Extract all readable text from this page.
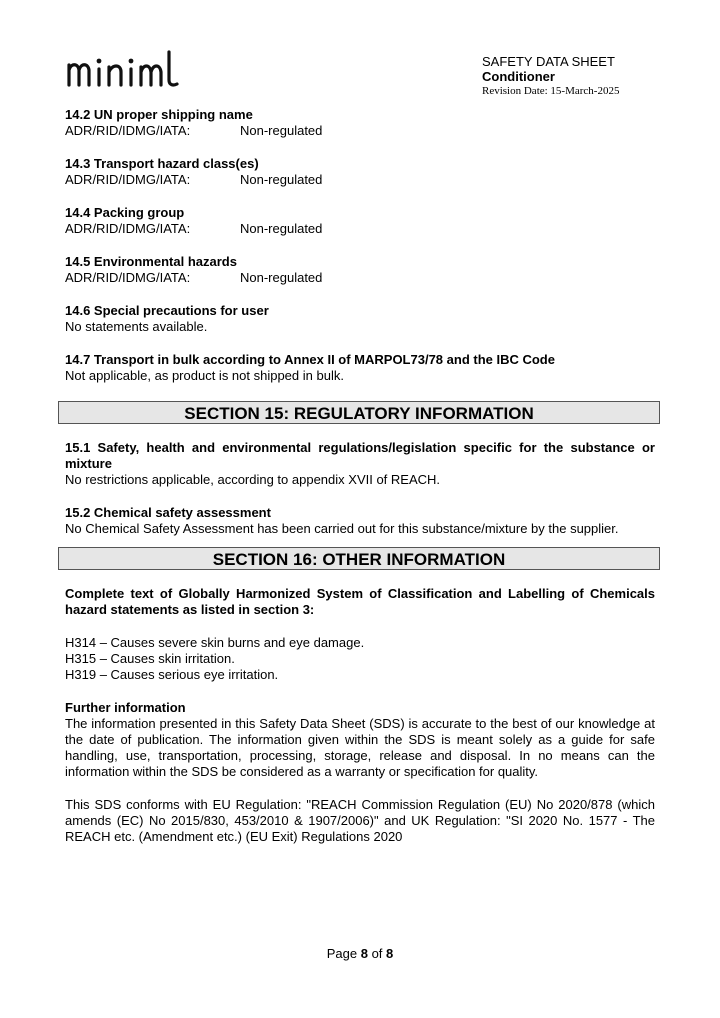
SAFETY DATA SHEET
Conditioner
Revision Date: 15-March-2025
14.2 UN proper shipping name
ADR/RID/IDMG/IATA:	Non-regulated
14.3 Transport hazard class(es)
ADR/RID/IDMG/IATA:	Non-regulated
14.4 Packing group
ADR/RID/IDMG/IATA:	Non-regulated
14.5 Environmental hazards
ADR/RID/IDMG/IATA:	Non-regulated
14.6 Special precautions for user
No statements available.
14.7 Transport in bulk according to Annex II of MARPOL73/78 and the IBC Code
Not applicable, as product is not shipped in bulk.
SECTION 15: REGULATORY INFORMATION
15.1 Safety, health and environmental regulations/legislation specific for the substance or mixture
No restrictions applicable, according to appendix XVII of REACH.
15.2 Chemical safety assessment
No Chemical Safety Assessment has been carried out for this substance/mixture by the supplier.
SECTION 16: OTHER INFORMATION
Complete text of Globally Harmonized System of Classification and Labelling of Chemicals hazard statements as listed in section 3:
H314 – Causes severe skin burns and eye damage.
H315 – Causes skin irritation.
H319 – Causes serious eye irritation.
Further information
The information presented in this Safety Data Sheet (SDS) is accurate to the best of our knowledge at the date of publication. The information given within the SDS is meant solely as a guide for safe handling, use, transportation, processing, storage, release and disposal. In no means can the information within the SDS be considered as a warranty or specification for quality.
This SDS conforms with EU Regulation: "REACH Commission Regulation (EU) No 2020/878 (which amends (EC) No 2015/830, 453/2010 & 1907/2006)" and UK Regulation: "SI 2020 No. 1577 - The REACH etc. (Amendment etc.) (EU Exit) Regulations 2020
Page 8 of 8
